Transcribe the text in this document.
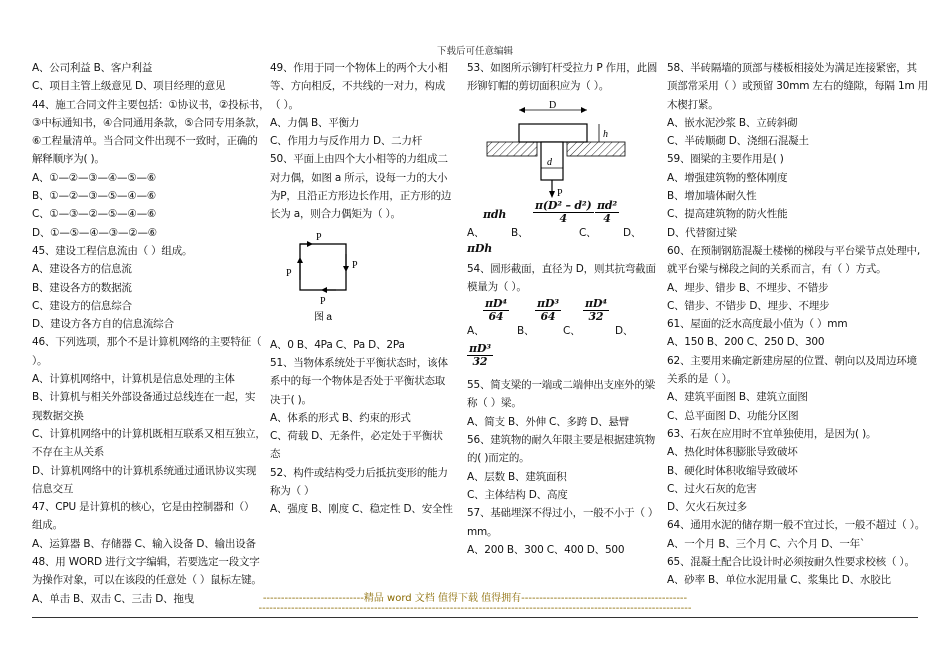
下载后可任意编辑
A、公司利益 B、客户利益
C、项目主管上级意见 D、项目经理的意见
44、施工合同文件主要包括：①协议书，②投标书，
③中标通知书，④合同通用条款，⑤合同专用条款，
⑥工程量清单。当合同文件出现不一致时，正确的
解释顺序为( )。
A、①—②—③—④—⑤—⑥
B、①—②—③—⑤—④—⑥
C、①—③—②—⑤—④—⑥
D、①—⑤—④—③—②—⑥
45、建设工程信息流由（ ）组成。
A、建设各方的信息流
B、建设各方的数据流
C、建设方的信息综合
D、建设方各方自的信息流综合
46、下列选项，那个不是计算机网络的主要特征（
）。
A、计算机网络中，计算机是信息处理的主体
B、计算机与相关外部设备通过总线连在一起，实
现数据交换
C、计算机网络中的计算机既相互联系又相互独立，
不存在主从关系
D、计算机网络中的计算机系统通过通讯协议实现
信息交互
47、CPU 是计算机的核心，它是由控制器和（）
组成。
A、运算器 B、存储器 C、输入设备 D、输出设备
48、用 WORD 进行文字编辑，若要选定一段文字
为操作对象，可以在该段的任意处（ ）鼠标左键。
A、单击 B、双击 C、三击 D、拖曳
49、作用于同一个物体上的两个大小相
等、方向相反，不共线的一对力，构成
（ ）。
A、力偶 B、平衡力
C、作用力与反作用力 D、二力杆
50、平面上由四个大小相等的力组成二
对力偶，如图 a 所示，设每一力的大小
为P，且沿正方形边长作用，正方形的边
长为 a，则合力偶矩为（ ）。
P
P
P
P
图 a
A、0 B、4Pa C、Pa D、2Pa
51、当物体系统处于平衡状态时，该体
系中的每一个物体是否处于平衡状态取
决于( )。
A、体系的形式 B、约束的形式
C、荷载 D、无条件，必定处于平衡状
态
52、构件或结构受力后抵抗变形的能力
称为（ ）
A、强度 B、刚度 C、稳定性 D、安全性
53、如图所示铆钉杆受拉力 P 作用，此圆
形铆钉帽的剪切面积应为（ ）。
D
h
d
P
πdh $\frac{\text{π(D² – d²)}}{4} \frac{\text{πd²}}{4}$
A、	B、	C、	D、
πDh
54、圆形截面，直径为 D，则其抗弯截面
模量为（ ）。
$\frac{\text{πD⁴}}{64} \frac{\text{πD³}}{64} \frac{\text{πD⁴}}{32}$
A、	B、	C、	D、
$\frac{\text{πD³}}{32}$
55、简支梁的一端或二端伸出支座外的梁
称（ ）梁。
A、简支 B、外伸 C、多跨 D、悬臂
56、建筑物的耐久年限主要是根据建筑物
的( )而定的。
A、层数 B、建筑面积
C、主体结构 D、高度
57、基础埋深不得过小，一般不小于（ ）
mm。
A、200 B、300 C、400 D、500
58、半砖隔墙的顶部与楼板相接处为满足连接紧密，其
顶部常采用（ ）或预留 30mm 左右的缝隙，每隔 1m 用
木楔打紧。
A、嵌水泥沙浆 B、立砖斜砌
C、半砖顺砌 D、浇细石混凝土
59、圈梁的主要作用是( )
A、增强建筑物的整体刚度
B、增加墙体耐久性
C、提高建筑物的防火性能
D、代替窗过梁
60、在预制钢筋混凝土楼梯的梯段与平台梁节点处理中,
就平台梁与梯段之间的关系而言，有（ ）方式。
A、埋步、错步 B、不埋步、不错步
C、错步、不错步 D、埋步、不埋步
61、屋面的泛水高度最小值为（ ）mm
A、150 B、200 C、250 D、300
62、主要用来确定新建房屋的位置、朝向以及周边环境
关系的是（ ）。
A、建筑平面图 B、建筑立面图
C、总平面图 D、功能分区图
63、石灰在应用时不宜单独使用，是因为( )。
A、热化时体积膨胀导致破坏
B、硬化时体积收缩导致破坏
C、过火石灰的危害
D、欠火石灰过多
64、通用水泥的储存期一般不宜过长，一般不超过（ ）。
A、一个月 B、三个月 C、六个月 D、一年`
65、混凝土配合比设计时必须按耐久性要求校核（ ）。
A、砂率 B、单位水泥用量 C、浆集比 D、水胶比
----------------------------精品 word 文档 值得下载 值得拥有----------------------------------------------
------------------------------------------------------------------------------------------------------------------------
